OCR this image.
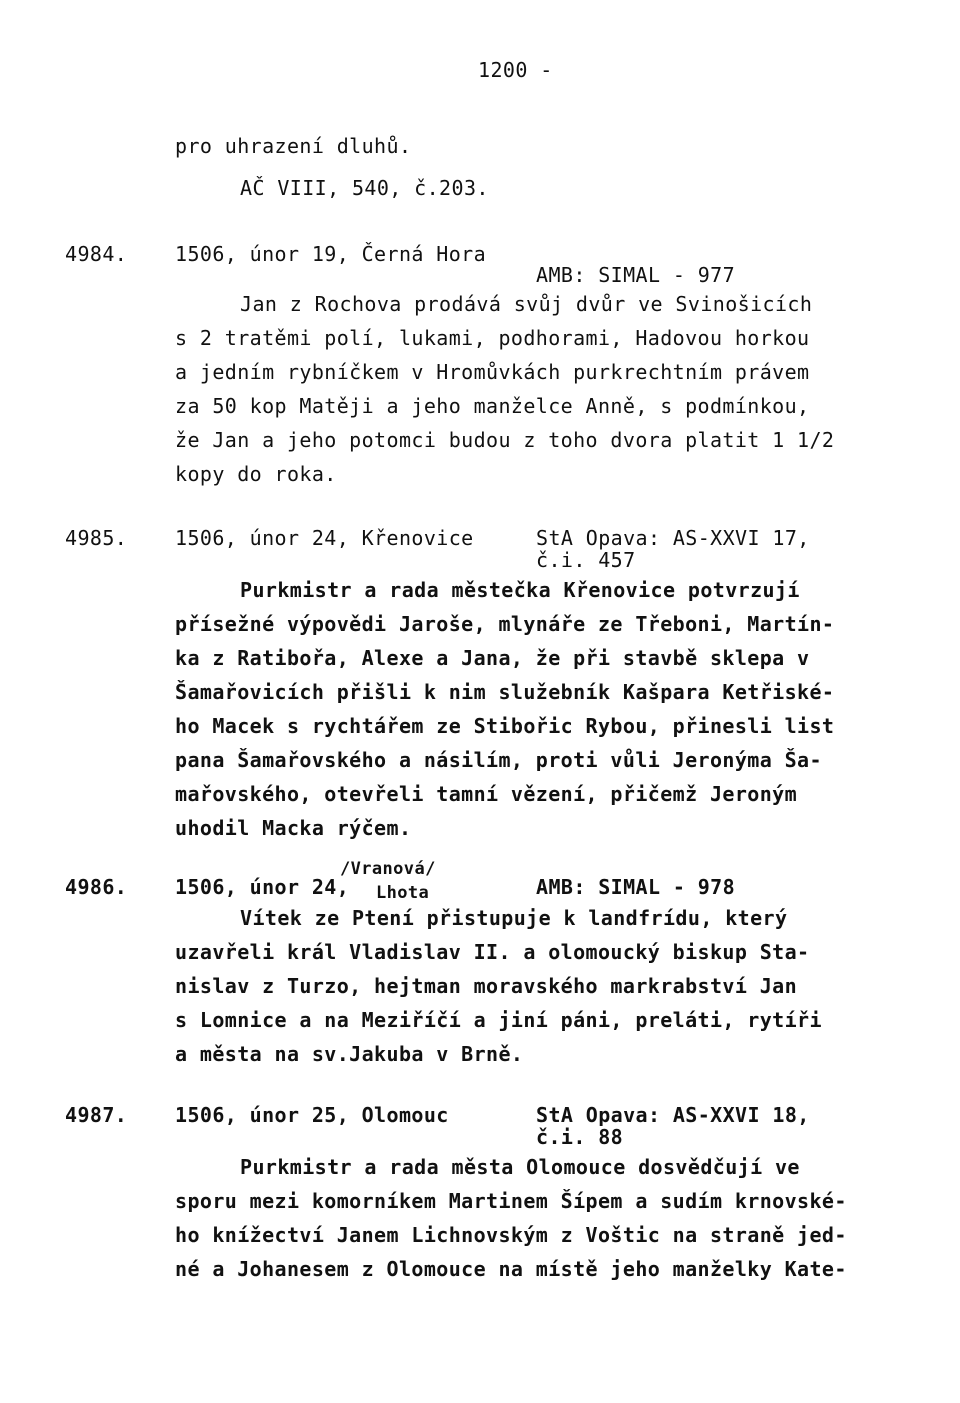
1200 -
pro uhrazení dluhů.
AČ VIII, 540, č.203.
4984. 1506, únor 19, Černá Hora
AMB: SIMAL - 977
Jan z Rochova prodává svůj dvůr ve Svinošicích
s 2 tratěmi polí, lukami, podhorami, Hadovou horkou
a jedním rybníčkem v Hromůvkách purkrechtním právem
za 50 kop Matěji a jeho manželce Anně, s podmínkou,
že Jan a jeho potomci budou z toho dvora platit 1 1/2
kopy do roka.
4985. 1506, únor 24, Křenovice	StA Opava: AS-XXVI 17,
č.i. 457
Purkmistr a rada městečka Křenovice potvrzují
přísežné výpovědi Jaroše, mlynáře ze Třeboni, Martín-
ka z Ratibořa, Alexe a Jana, že při stavbě sklepa v
Šamařovicích přišli k nim služebník Kašpara Ketřiské-
ho Macek s rychtářem ze Stibořic Rybou, přinesli list
pana Šamařovského a násilím, proti vůli Jeronýma Ša-
mařovského, otevřeli tamní vězení, přičemž Jeroným
uhodil Macka rýčem.
4986. 1506, únor 24,
/Vranová/
Lhota	AMB: SIMAL - 978
Vítek ze Ptení přistupuje k landfrídu, který
uzavřeli král Vladislav II. a olomoucký biskup Sta-
nislav z Turzo, hejtman moravského markrabství Jan
s Lomnice a na Meziříčí a jiní páni, preláti, rytíři
a města na sv.Jakuba v Brně.
4987. 1506, únor 25, Olomouc	StA Opava: AS-XXVI 18,
č.i. 88
Purkmistr a rada města Olomouce dosvědčují ve
sporu mezi komorníkem Martinem Šípem a sudím krnovské-
ho knížectví Janem Lichnovským z Voštic na straně jed-
né a Johanesem z Olomouce na místě jeho manželky Kate-
